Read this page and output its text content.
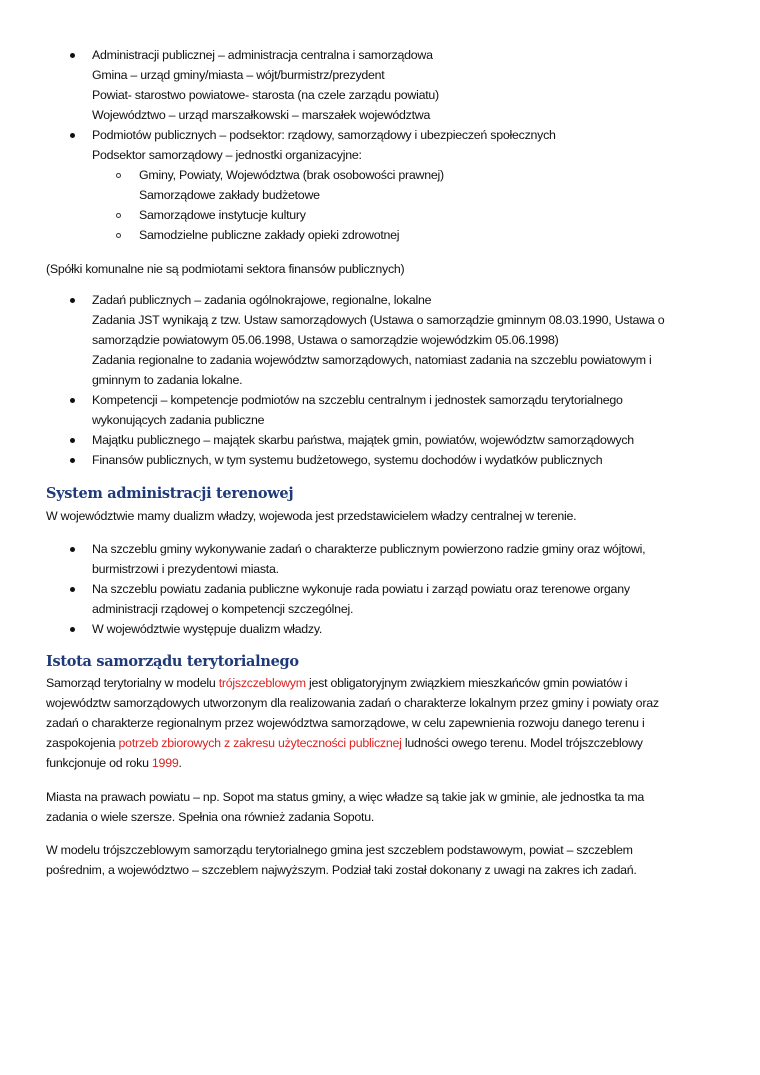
Administracji publicznej – administracja centralna i samorządowa
Gmina – urząd gminy/miasta – wójt/burmistrz/prezydent
Powiat- starostwo powiatowe- starosta (na czele zarządu powiatu)
Województwo – urząd marszałkowski – marszałek województwa
Podmiotów publicznych – podsektor: rządowy, samorządowy i ubezpieczeń społecznych
Podsektor samorządowy – jednostki organizacyjne:
Gminy, Powiaty, Województwa (brak osobowości prawnej)
Samorządowe zakłady budżetowe
Samorządowe instytucje kultury
Samodzielne publiczne zakłady opieki zdrowotnej
(Spółki komunalne nie są podmiotami sektora finansów publicznych)
Zadań publicznych – zadania ogólnokrajowe, regionalne, lokalne
Zadania JST wynikają z tzw. Ustaw samorządowych (Ustawa o samorządzie gminnym 08.03.1990, Ustawa o
samorządzie powiatowym 05.06.1998, Ustawa o samorządzie wojewódzkim 05.06.1998)
Zadania regionalne to zadania województw samorządowych, natomiast zadania na szczeblu powiatowym i
gminnym to zadania lokalne.
Kompetencji – kompetencje podmiotów na szczeblu centralnym i jednostek samorządu terytorialnego
wykonujących zadania publiczne
Majątku publicznego – majątek skarbu państwa, majątek gmin, powiatów, województw samorządowych
Finansów publicznych, w tym systemu budżetowego, systemu dochodów i wydatków publicznych
System administracji terenowej
W województwie mamy dualizm władzy, wojewoda jest przedstawicielem władzy centralnej w terenie.
Na szczeblu gminy wykonywanie zadań o charakterze publicznym powierzono radzie gminy oraz wójtowi,
burmistrzowi i prezydentowi miasta.
Na szczeblu powiatu zadania publiczne wykonuje rada powiatu i zarząd powiatu oraz terenowe organy
administracji rządowej o kompetencji szczególnej.
W województwie występuje dualizm władzy.
Istota samorządu terytorialnego
Samorząd terytorialny w modelu trójszczeblowym jest obligatoryjnym związkiem mieszkańców gmin powiatów i
województw samorządowych utworzonym dla realizowania zadań o charakterze lokalnym przez gminy i powiaty oraz
zadań o charakterze regionalnym przez województwa samorządowe, w celu zapewnienia rozwoju danego terenu i
zaspokojenia potrzeb zbiorowych z zakresu użyteczności publicznej ludności owego terenu. Model trójszczeblowy
funkcjonuje od roku 1999.
Miasta na prawach powiatu – np. Sopot ma status gminy, a więc władze są takie jak w gminie, ale jednostka ta ma
zadania o wiele szersze. Spełnia ona również zadania Sopotu.
W modelu trójszczeblowym samorządu terytorialnego gmina jest szczeblem podstawowym, powiat – szczeblem
pośrednim, a województwo – szczeblem najwyższym. Podział taki został dokonany z uwagi na zakres ich zadań.
